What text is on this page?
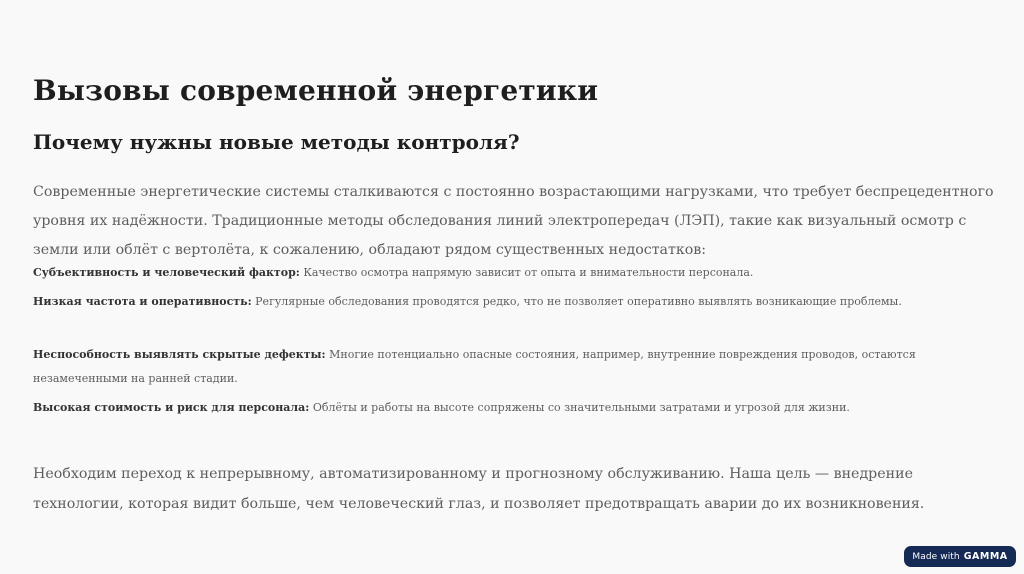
Вызовы современной энергетики
Почему нужны новые методы контроля?

Современные энергетические системы сталкиваются с постоянно возрастающими нагрузками, что требует беспрецедентного уровня их надёжности. Традиционные методы обследования линий электропередач (ЛЭП), такие как визуальный осмотр с земли или облёт с вертолёта, к сожалению, обладают рядом существенных недостатков:

Субъективность и человеческий фактор: Качество осмотра напрямую зависит от опыта и внимательности персонала.

Низкая частота и оперативность: Регулярные обследования проводятся редко, что не позволяет оперативно выявлять возникающие проблемы.

Неспособность выявлять скрытые дефекты: Многие потенциально опасные состояния, например, внутренние повреждения проводов, остаются незамеченными на ранней стадии.

Высокая стоимость и риск для персонала: Облёты и работы на высоте сопряжены со значительными затратами и угрозой для жизни.

Необходим переход к непрерывному, автоматизированному и прогнозному обслуживанию. Наша цель — внедрение технологии, которая видит больше, чем человеческий глаз, и позволяет предотвращать аварии до их возникновения.

Made with GAMMA
